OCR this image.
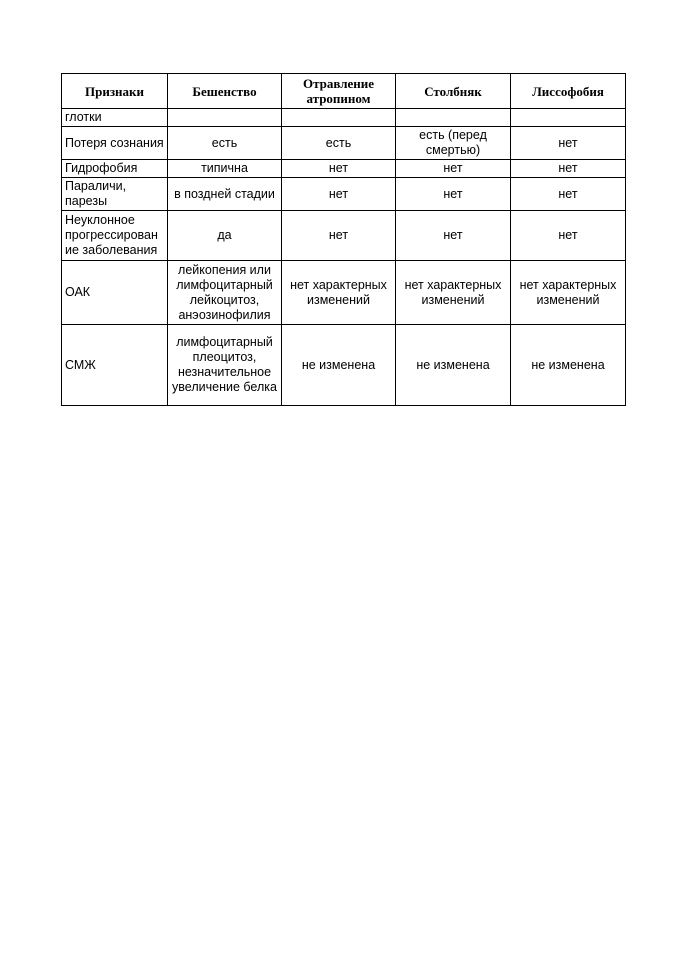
Признаки	Бешенство	Отравление атропином	Столбняк	Лиссофобия
глотки				
Потеря сознания	есть	есть	есть (перед смертью)	нет
Гидрофобия	типична	нет	нет	нет
Параличи, парезы	в поздней стадии	нет	нет	нет
Неуклонное прогрессирован ие заболевания	да	нет	нет	нет
ОАК	лейкопения или лимфоцитарный лейкоцитоз, анэозинофилия	нет характерных изменений	нет характерных изменений	нет характерных изменений
СМЖ	лимфоцитарный плеоцитоз, незначительное увеличение белка	не изменена	не изменена	не изменена
